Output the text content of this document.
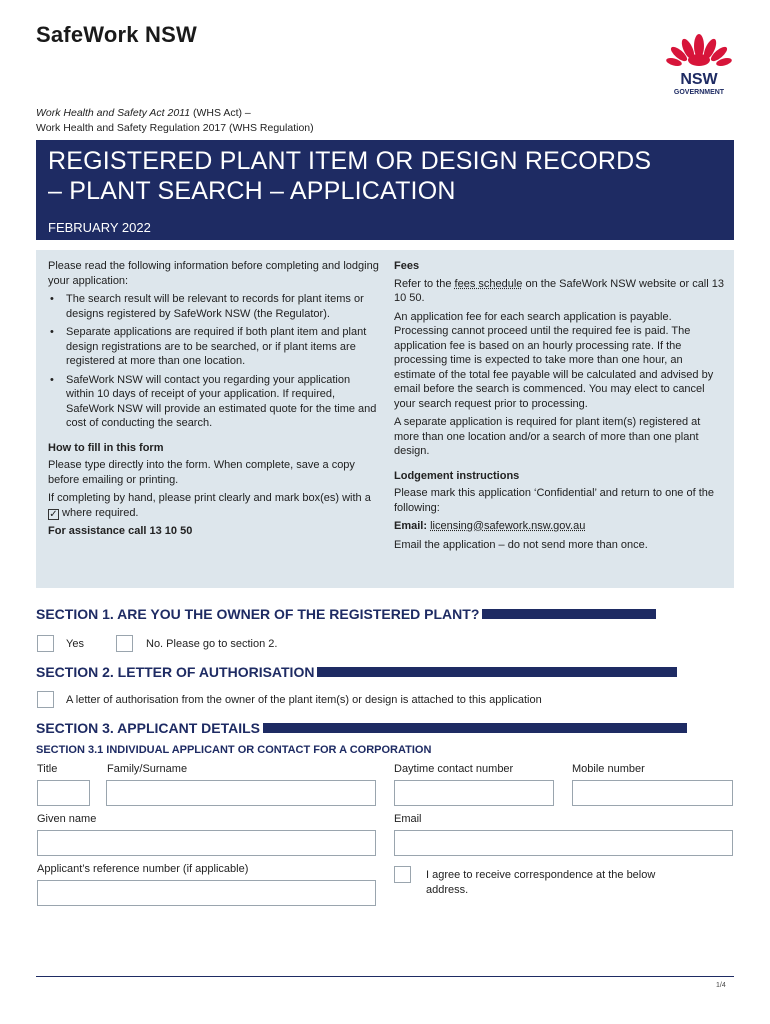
SafeWork NSW
NSW
GOVERNMENT
Work Health and Safety Act 2011 (WHS Act) –
Work Health and Safety Regulation 2017 (WHS Regulation)
REGISTERED PLANT ITEM OR DESIGN RECORDS
– PLANT SEARCH – APPLICATION
FEBRUARY 2022

Please read the following information before completing and lodging your application:

• The search result will be relevant to records for plant items or designs registered by SafeWork NSW (the Regulator).
• Separate applications are required if both plant item and plant design registrations are to be searched, or if plant items are registered at more than one location.
• SafeWork NSW will contact you regarding your application within 10 days of receipt of your application. If required, SafeWork NSW will provide an estimated quote for the time and cost of conducting the search.
How to fill in this form

Please type directly into the form. When complete, save a copy before emailing or printing.

If completing by hand, please print clearly and mark box(es) with a ✓ where required.

For assistance call 13 10 50

Fees

Refer to the fees schedule on the SafeWork NSW website or call 13 10 50.

An application fee for each search application is payable. Processing cannot proceed until the required fee is paid. The application fee is based on an hourly processing rate. If the processing time is expected to take more than one hour, an estimate of the total fee payable will be calculated and advised by email before the search is commenced. You may elect to cancel your search request prior to processing.

A separate application is required for plant item(s) registered at more than one location and/or a search of more than one plant design.

Lodgement instructions

Please mark this application ‘Confidential’ and return to one of the following:

Email: licensing@safework.nsw.gov.au

Email the application – do not send more than once.

SECTION 1. ARE YOU THE OWNER OF THE REGISTERED PLANT?
Yes	No. Please go to section 2.
SECTION 2. LETTER OF AUTHORISATION
A letter of authorisation from the owner of the plant item(s) or design is attached to this application
SECTION 3. APPLICANT DETAILS
SECTION 3.1 INDIVIDUAL APPLICANT OR CONTACT FOR A CORPORATION
Title	Family/Surname	Daytime contact number	Mobile number
Given name	Email
Applicant’s reference number (if applicable)	I agree to receive correspondence at the below address.
1/4
